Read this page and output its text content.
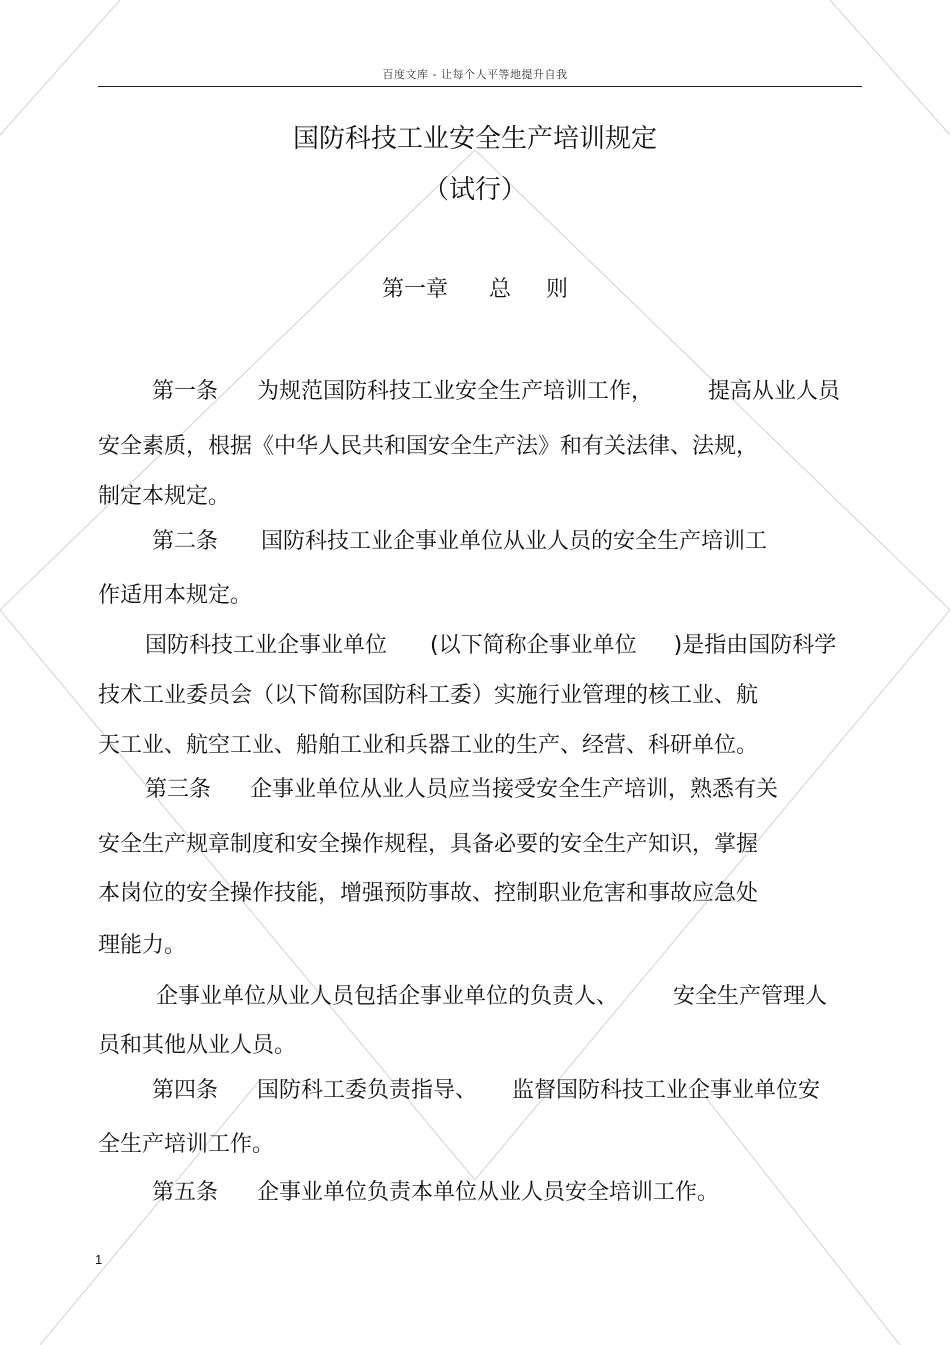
百度文库 - 让每个人平等地提升自我
国防科技工业安全生产培训规定
（试行）
第一章 总 则
第一条 为规范国防科技工业安全生产培训工作，	提高从业人员
安全素质，根据《中华人民共和国安全生产法》和有关法律、法规，
制定本规定。
第二条 国防科技工业企事业单位从业人员的安全生产培训工
作适用本规定。
国防科技工业企事业单位 (以下简称企事业单位 )是指由国防科学
技术工业委员会（以下简称国防科工委）实施行业管理的核工业、航
天工业、航空工业、船舶工业和兵器工业的生产、经营、科研单位。
第三条 企事业单位从业人员应当接受安全生产培训，熟悉有关
安全生产规章制度和安全操作规程，具备必要的安全生产知识，掌握
本岗位的安全操作技能，增强预防事故、控制职业危害和事故应急处
理能力。
企事业单位从业人员包括企事业单位的负责人、	安全生产管理人
员和其他从业人员。
第四条 国防科工委负责指导、 监督国防科技工业企事业单位安
全生产培训工作。
第五条 企事业单位负责本单位从业人员安全培训工作。
1
